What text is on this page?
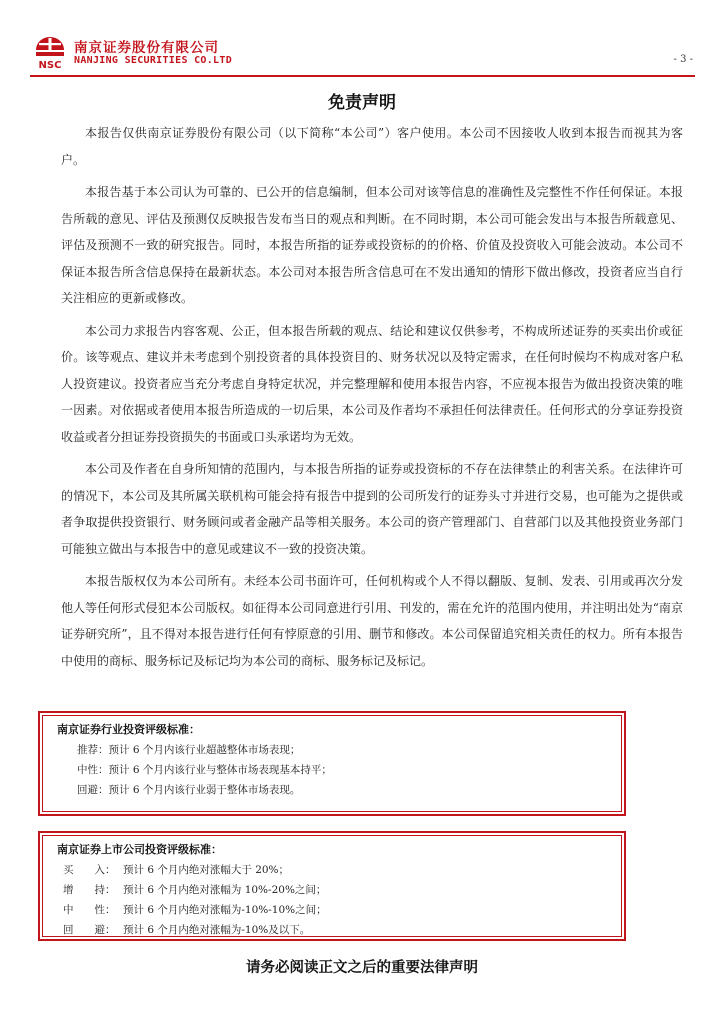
NSC
南京证券股份有限公司
NANJING SECURITIES CO.LTD	- 3 -
免责声明

本报告仅供南京证券股份有限公司（以下简称“本公司”）客户使用。本公司不因接收人收到本报告而视其为客户。

本报告基于本公司认为可靠的、已公开的信息编制，但本公司对该等信息的准确性及完整性不作任何保证。本报告所载的意见、评估及预测仅反映报告发布当日的观点和判断。在不同时期，本公司可能会发出与本报告所载意见、评估及预测不一致的研究报告。同时，本报告所指的证券或投资标的的价格、价值及投资收入可能会波动。本公司不保证本报告所含信息保持在最新状态。本公司对本报告所含信息可在不发出通知的情形下做出修改，投资者应当自行关注相应的更新或修改。

本公司力求报告内容客观、公正，但本报告所载的观点、结论和建议仅供参考，不构成所述证券的买卖出价或征价。该等观点、建议并未考虑到个别投资者的具体投资目的、财务状况以及特定需求，在任何时候均不构成对客户私人投资建议。投资者应当充分考虑自身特定状况，并完整理解和使用本报告内容，不应视本报告为做出投资决策的唯一因素。对依据或者使用本报告所造成的一切后果，本公司及作者均不承担任何法律责任。任何形式的分享证券投资收益或者分担证券投资损失的书面或口头承诺均为无效。

本公司及作者在自身所知情的范围内，与本报告所指的证券或投资标的不存在法律禁止的利害关系。在法律许可的情况下，本公司及其所属关联机构可能会持有报告中提到的公司所发行的证券头寸并进行交易，也可能为之提供或者争取提供投资银行、财务顾问或者金融产品等相关服务。本公司的资产管理部门、自营部门以及其他投资业务部门可能独立做出与本报告中的意见或建议不一致的投资决策。

本报告版权仅为本公司所有。未经本公司书面许可，任何机构或个人不得以翻版、复制、发表、引用或再次分发他人等任何形式侵犯本公司版权。如征得本公司同意进行引用、刊发的，需在允许的范围内使用，并注明出处为“南京证券研究所”，且不得对本报告进行任何有悖原意的引用、删节和修改。本公司保留追究相关责任的权力。所有本报告中使用的商标、服务标记及标记均为本公司的商标、服务标记及标记。

南京证券行业投资评级标准：
推荐：预计 6 个月内该行业超越整体市场表现；
中性：预计 6 个月内该行业与整体市场表现基本持平；
回避：预计 6 个月内该行业弱于整体市场表现。
南京证券上市公司投资评级标准：
买　　入： 预计 6 个月内绝对涨幅大于 20%；
增　　持： 预计 6 个月内绝对涨幅为 10%-20%之间；
中　　性： 预计 6 个月内绝对涨幅为-10%-10%之间；
回　　避： 预计 6 个月内绝对涨幅为-10%及以下。
请务必阅读正文之后的重要法律声明
